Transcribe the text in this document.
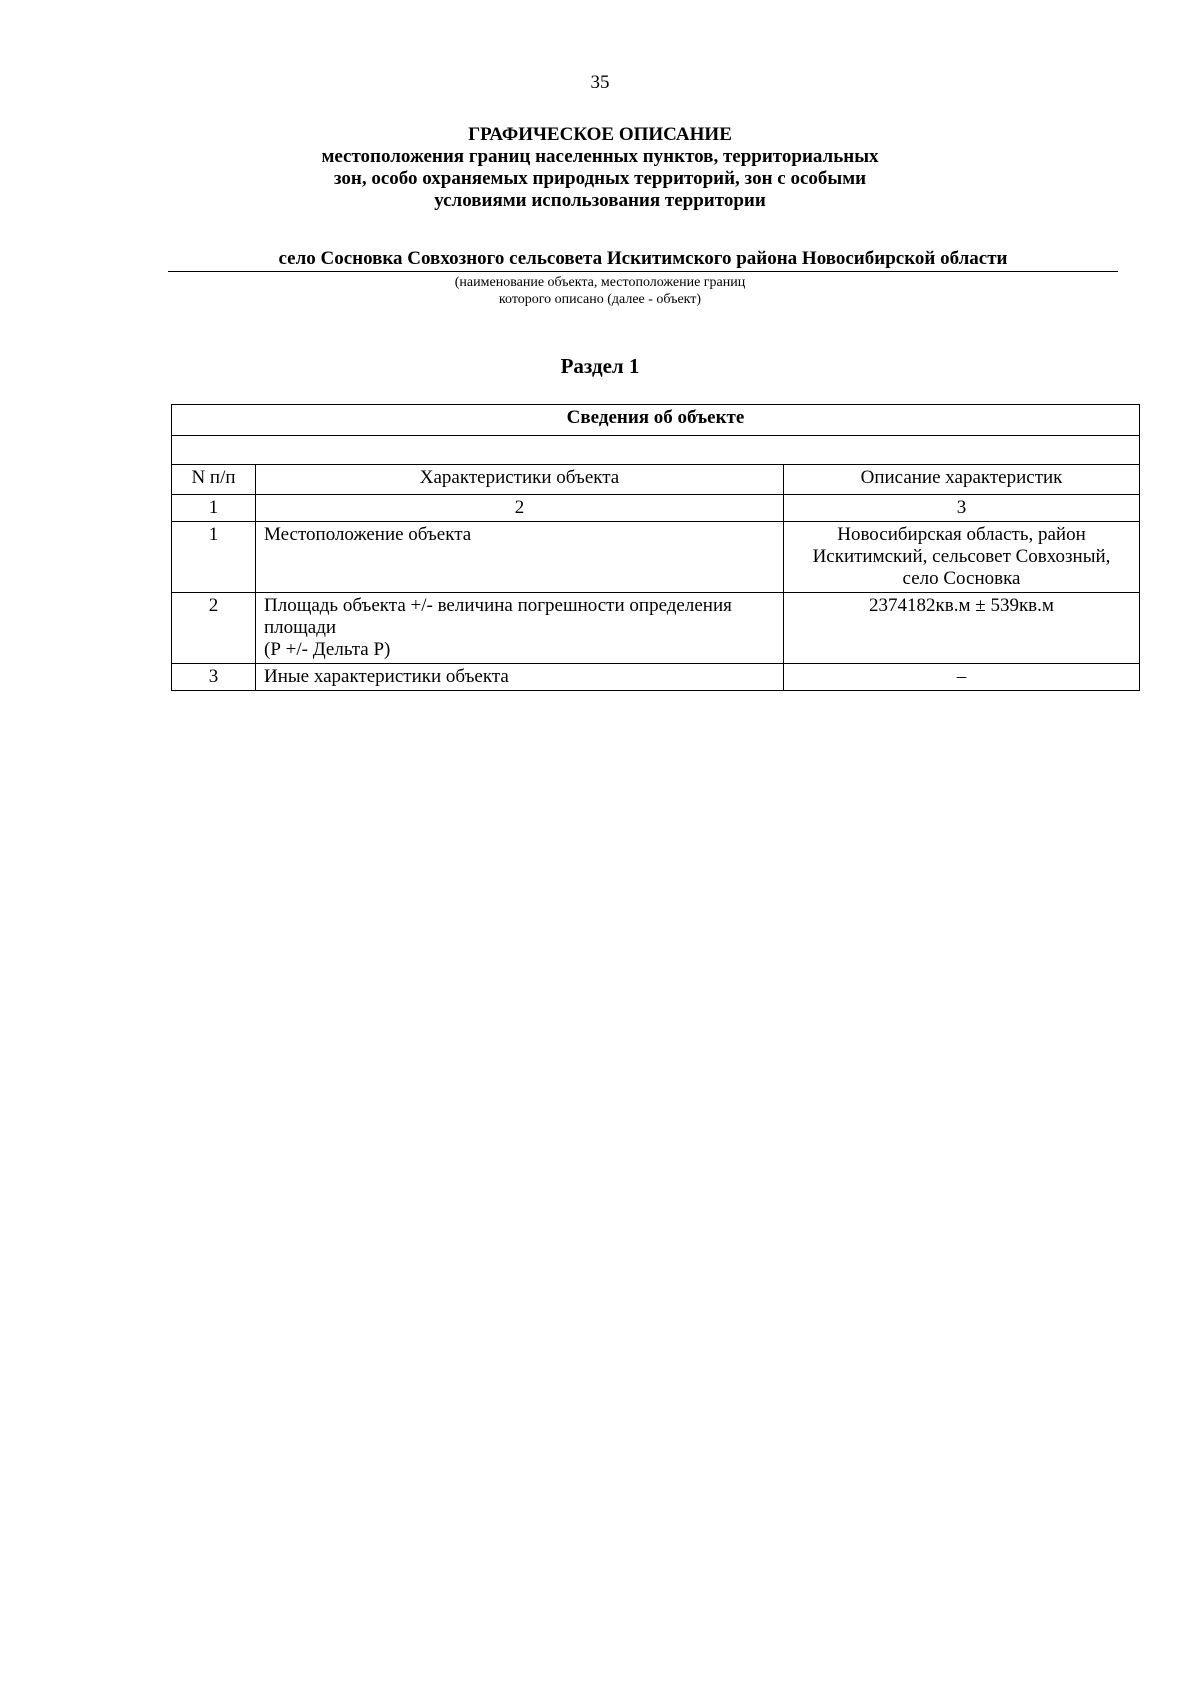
35
ГРАФИЧЕСКОЕ ОПИСАНИЕ
местоположения границ населенных пунктов, территориальных
зон, особо охраняемых природных территорий, зон с особыми
условиями использования территории
село Сосновка Совхозного сельсовета Искитимского района Новосибирской области
(наименование объекта, местоположение границ
которого описано (далее - объект)
Раздел 1
Сведения об объекте		

N п/п	Характеристики объекта	Описание характеристик
1	2	3
1	Местоположение объекта	Новосибирская область, район
Искитимский, сельсовет Совхозный,
село Сосновка

2	Площадь объекта +/- величина погрешности определения
площади
(Р +/- Дельта Р)	2374182кв.м ± 539кв.м
3	Иные характеристики объекта	–
